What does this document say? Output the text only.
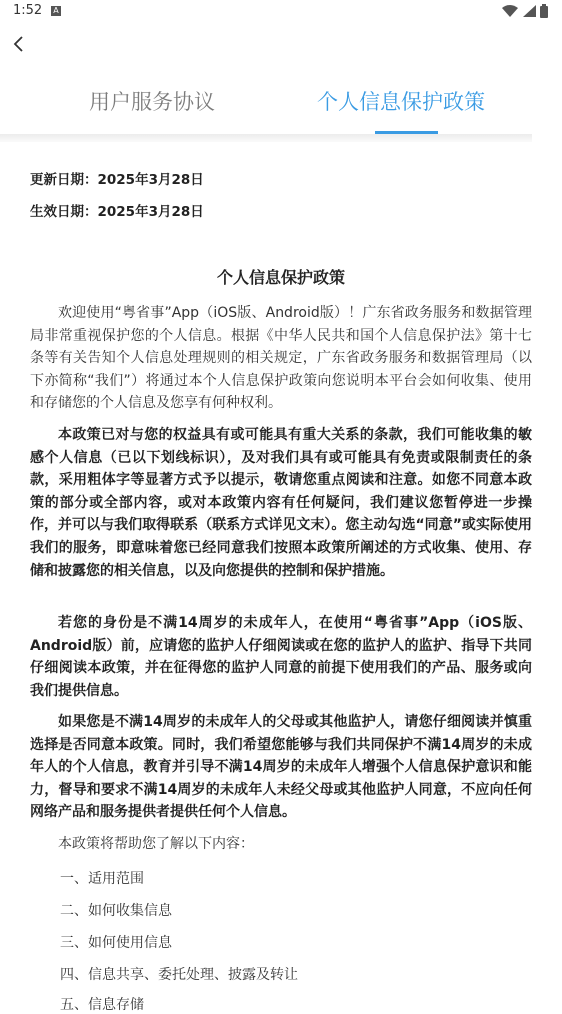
1:52 A
用户服务协议	个人信息保护政策
更新日期：2025年3月28日
生效日期：2025年3月28日
个人信息保护政策

欢迎使用“粤省事”App（iOS版、Android版）！广东省政务服务和数据管理局非常重视保护您的个人信息。根据《中华人民共和国个人信息保护法》第十七条等有关告知个人信息处理规则的相关规定，广东省政务服务和数据管理局（以下亦简称“我们”）将通过本个人信息保护政策向您说明本平台会如何收集、使用和存储您的个人信息及您享有何种权利。

本政策已对与您的权益具有或可能具有重大关系的条款，我们可能收集的敏感个人信息（已以下划线标识），及对我们具有或可能具有免责或限制责任的条款，采用粗体字等显著方式予以提示，敬请您重点阅读和注意。如您不同意本政策的部分或全部内容，或对本政策内容有任何疑问，我们建议您暂停进一步操作，并可以与我们取得联系（联系方式详见文末）。您主动勾选“同意”或实际使用我们的服务，即意味着您已经同意我们按照本政策所阐述的方式收集、使用、存储和披露您的相关信息，以及向您提供的控制和保护措施。

若您的身份是不满14周岁的未成年人，在使用“粤省事”App（iOS版、Android版）前，应请您的监护人仔细阅读或在您的监护人的监护、指导下共同仔细阅读本政策，并在征得您的监护人同意的前提下使用我们的产品、服务或向我们提供信息。

如果您是不满14周岁的未成年人的父母或其他监护人，请您仔细阅读并慎重选择是否同意本政策。同时，我们希望您能够与我们共同保护不满14周岁的未成年人的个人信息，教育并引导不满14周岁的未成年人增强个人信息保护意识和能力，督导和要求不满14周岁的未成年人未经父母或其他监护人同意，不应向任何网络产品和服务提供者提供任何个人信息。

本政策将帮助您了解以下内容：

一、适用范围
二、如何收集信息
三、如何使用信息
四、信息共享、委托处理、披露及转让
五、信息存储
